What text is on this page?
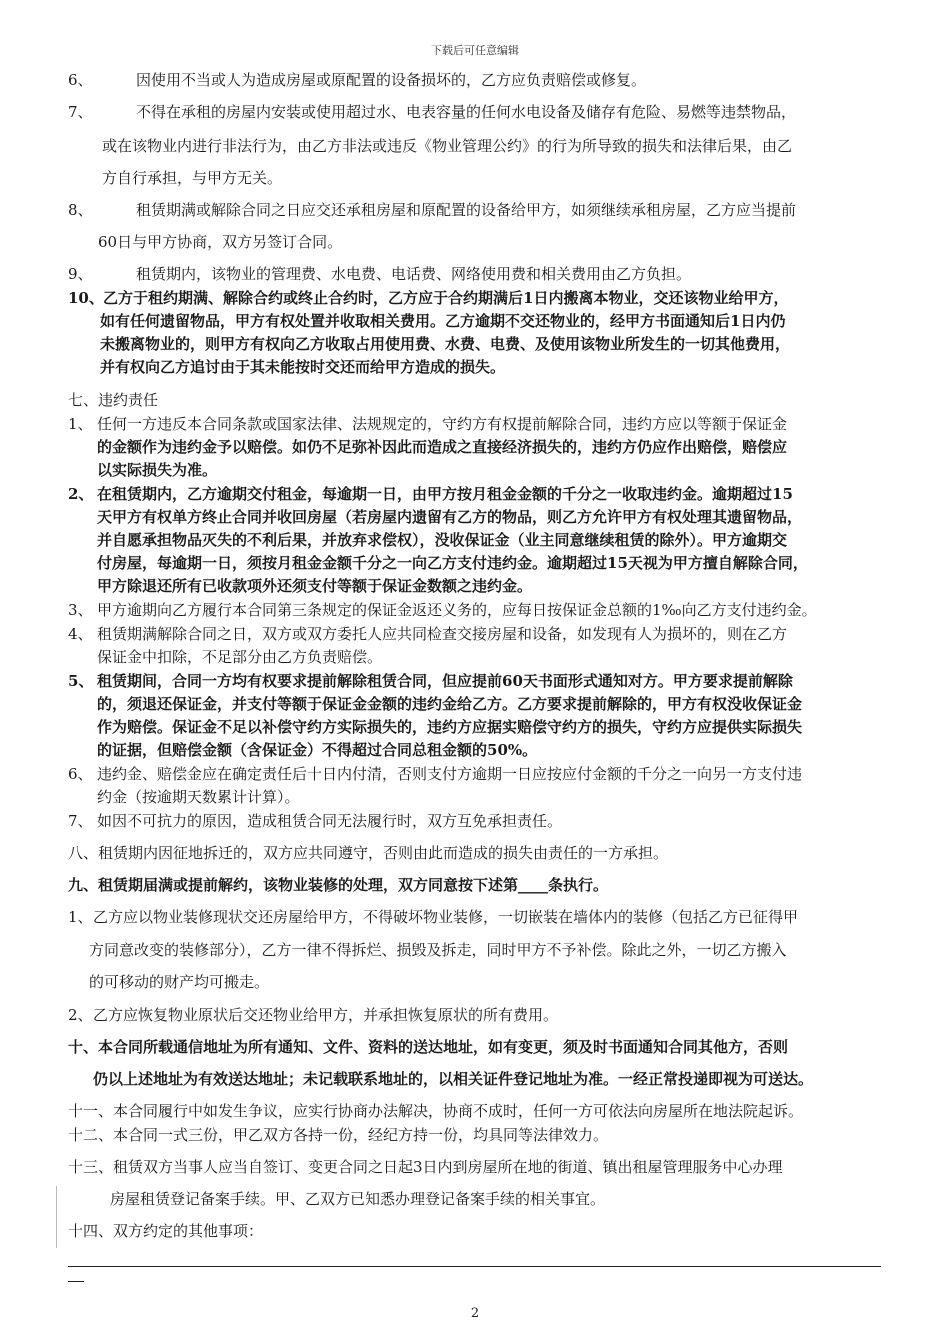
下载后可任意编辑
6、	因使用不当或人为造成房屋或原配置的设备损坏的，乙方应负责赔偿或修复。
7、	不得在承租的房屋内安装或使用超过水、电表容量的任何水电设备及储存有危险、易燃等违禁物品，
或在该物业内进行非法行为，由乙方非法或违反《物业管理公约》的行为所导致的损失和法律后果，由乙
方自行承担，与甲方无关。
8、	租赁期满或解除合同之日应交还承租房屋和原配置的设备给甲方，如须继续承租房屋，乙方应当提前
60日与甲方协商，双方另签订合同。
9、	租赁期内，该物业的管理费、水电费、电话费、网络使用费和相关费用由乙方负担。
10、 乙方于租约期满、解除合约或终止合约时，乙方应于合约期满后1日内搬离本物业，交还该物业给甲方，
如有任何遗留物品，甲方有权处置并收取相关费用。乙方逾期不交还物业的，经甲方书面通知后1日内仍
未搬离物业的，则甲方有权向乙方收取占用使用费、水费、电费、及使用该物业所发生的一切其他费用，
并有权向乙方追讨由于其未能按时交还而给甲方造成的损失。
七、违约责任
1、 任何一方违反本合同条款或国家法律、法规规定的，守约方有权提前解除合同，违约方应以等额于保证金
的金额作为违约金予以赔偿。如仍不足弥补因此而造成之直接经济损失的，违约方仍应作出赔偿，赔偿应
以实际损失为准。
2、 在租赁期内，乙方逾期交付租金，每逾期一日，由甲方按月租金金额的千分之一收取违约金。逾期超过15
天甲方有权单方终止合同并收回房屋（若房屋内遗留有乙方的物品，则乙方允许甲方有权处理其遗留物品，
并自愿承担物品灭失的不利后果，并放弃求偿权），没收保证金（业主同意继续租赁的除外）。甲方逾期交
付房屋，每逾期一日，须按月租金金额千分之一向乙方支付违约金。逾期超过15天视为甲方擅自解除合同，
甲方除退还所有已收款项外还须支付等额于保证金数额之违约金。
3、 甲方逾期向乙方履行本合同第三条规定的保证金返还义务的，应每日按保证金总额的1‰向乙方支付违约金。
4、 租赁期满解除合同之日，双方或双方委托人应共同检查交接房屋和设备，如发现有人为损坏的，则在乙方
保证金中扣除，不足部分由乙方负责赔偿。
5、 租赁期间，合同一方均有权要求提前解除租赁合同，但应提前60天书面形式通知对方。甲方要求提前解除
的，须退还保证金，并支付等额于保证金金额的违约金给乙方。乙方要求提前解除的，甲方有权没收保证金
作为赔偿。保证金不足以补偿守约方实际损失的，违约方应据实赔偿守约方的损失，守约方应提供实际损失
的证据，但赔偿金额（含保证金）不得超过合同总租金额的50%。
6、 违约金、赔偿金应在确定责任后十日内付清，否则支付方逾期一日应按应付金额的千分之一向另一方支付违
约金（按逾期天数累计计算）。
7、 如因不可抗力的原因，造成租赁合同无法履行时，双方互免承担责任。
八、租赁期内因征地拆迁的，双方应共同遵守，否则由此而造成的损失由责任的一方承担。
九、租赁期届满或提前解约，该物业装修的处理，双方同意按下述第____条执行。
1、 乙方应以物业装修现状交还房屋给甲方，不得破坏物业装修，一切嵌装在墙体内的装修（包括乙方已征得甲
方同意改变的装修部分），乙方一律不得拆烂、损毁及拆走，同时甲方不予补偿。除此之外，一切乙方搬入
的可移动的财产均可搬走。
2、 乙方应恢复物业原状后交还物业给甲方，并承担恢复原状的所有费用。
十、本合同所载通信地址为所有通知、文件、资料的送达地址，如有变更，须及时书面通知合同其他方，否则
仍以上述地址为有效送达地址；未记载联系地址的，以相关证件登记地址为准。一经正常投递即视为可送达。
十一、本合同履行中如发生争议，应实行协商办法解决，协商不成时，任何一方可依法向房屋所在地法院起诉。
十二、本合同一式三份，甲乙双方各持一份，经纪方持一份，均具同等法律效力。
十三、租赁双方当事人应当自签订、变更合同之日起3日内到房屋所在地的街道、镇出租屋管理服务中心办理
房屋租赁登记备案手续。甲、乙双方已知悉办理登记备案手续的相关事宜。
十四、双方约定的其他事项：
2
